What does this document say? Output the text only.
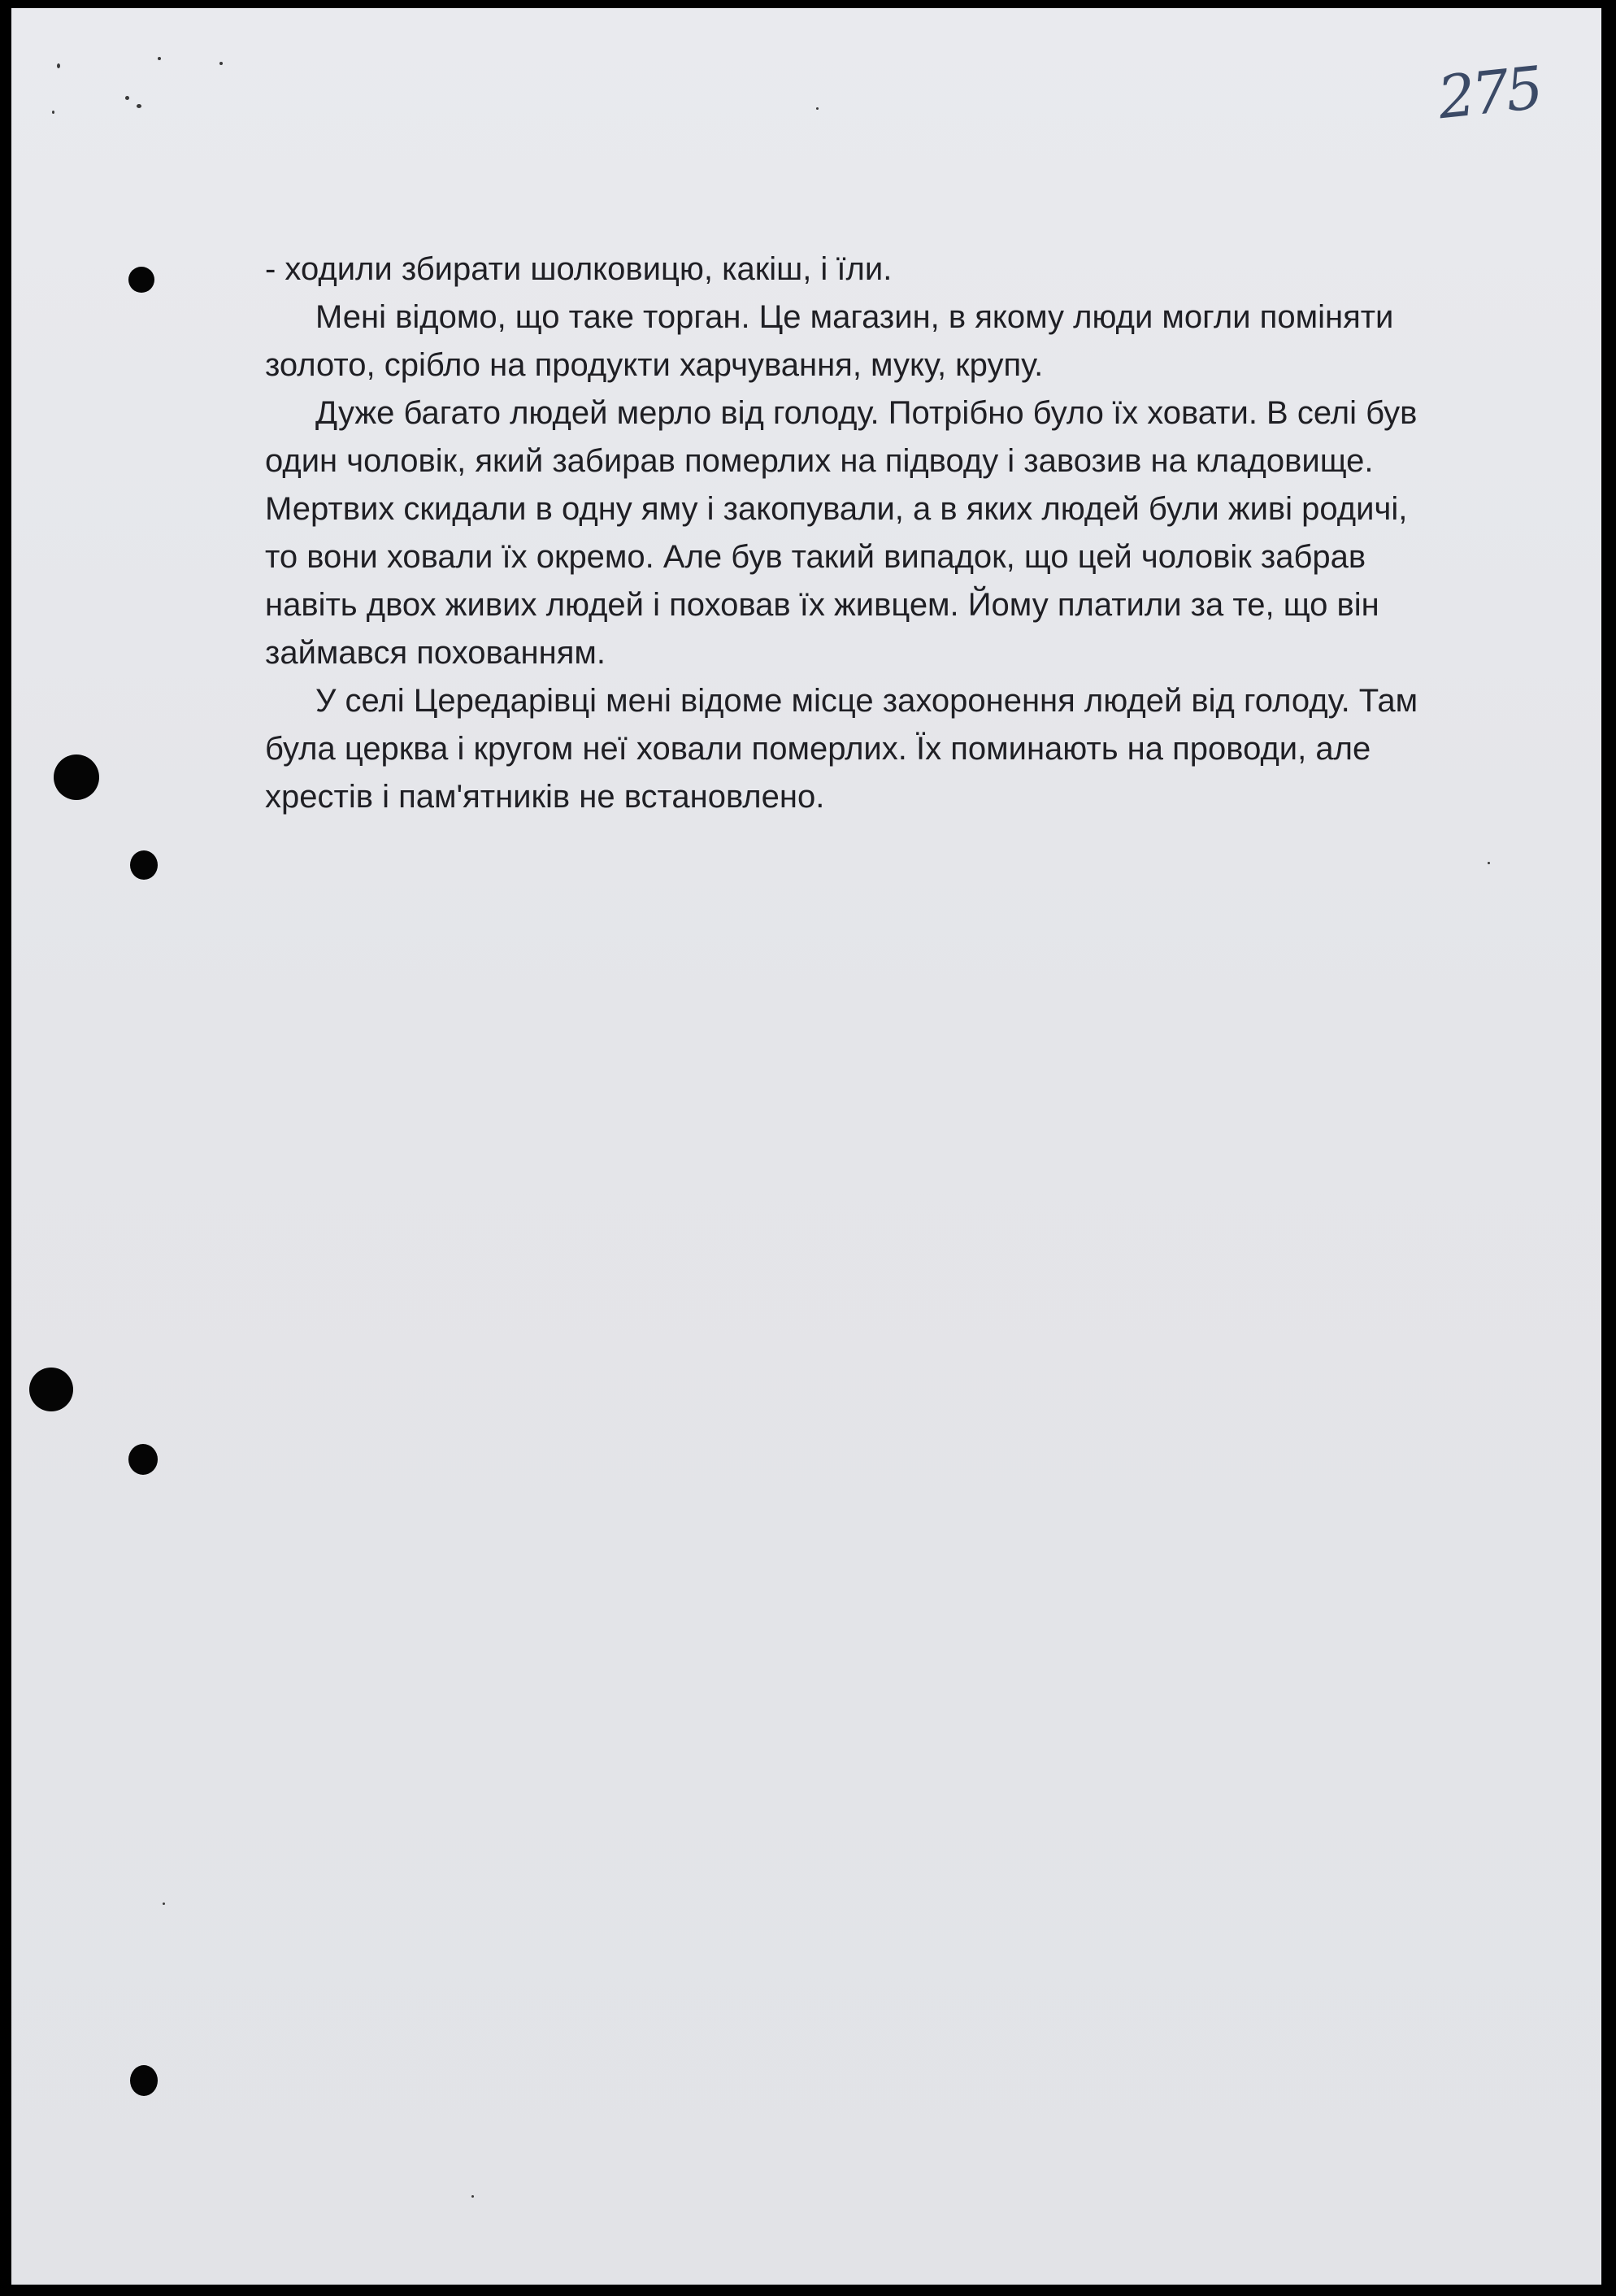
275

- ходили збирати шолковицю, какіш, і їли.

Мені відомо, що таке торган. Це магазин, в якому люди могли поміняти золото, срібло на продукти харчування, муку, крупу.

Дуже багато людей мерло від голоду. Потрібно було їх ховати. В селі був один чоловік, який забирав померлих на підводу і завозив на кладовище. Мертвих скидали в одну яму і закопували, а в яких людей були живі родичі, то вони ховали їх окремо. Але був такий випадок, що цей чоловік забрав навіть двох живих людей і поховав їх живцем. Йому платили за те, що він займався похованням.

У селі Цередарівці мені відоме місце захоронення людей від голоду. Там була церква і кругом неї ховали померлих. Їх поминають на проводи, але хрестів і пам'ятників не встановлено.
